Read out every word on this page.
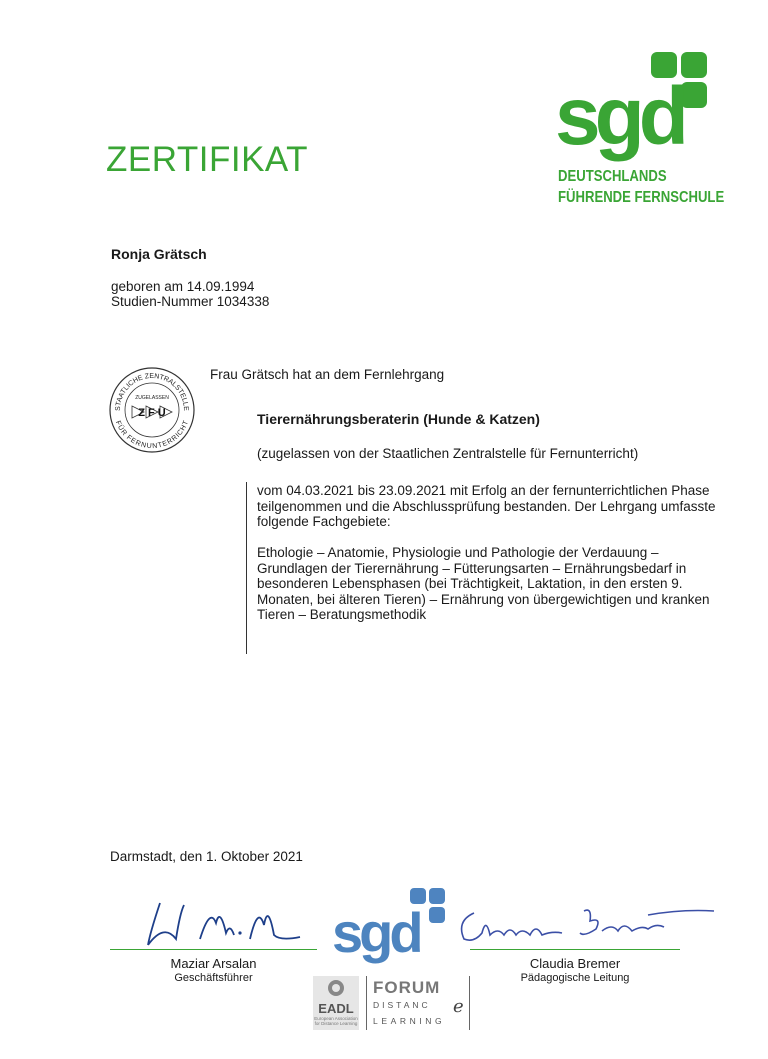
ZERTIFIKAT	sgd
DEUTSCHLANDS
FÜHRENDE FERNSCHULE
Ronja Grätsch
geboren am 14.09.1994
Studien-Nummer 1034338
STAATLICHE ZENTRALSTELLE
FÜR FERNUNTERRICHT
ZUGELASSEN
Z F U
Frau Grätsch hat an dem Fernlehrgang
Tierernährungsberaterin (Hunde & Katzen)
(zugelassen von der Staatlichen Zentralstelle für Fernunterricht)
vom 04.03.2021 bis 23.09.2021 mit Erfolg an der fernunterrichtlichen Phase teilgenommen und die Abschlussprüfung bestanden. Der Lehrgang umfasste folgende Fachgebiete:
Ethologie – Anatomie, Physiologie und Pathologie der Verdauung – Grundlagen der Tierernährung – Fütterungsarten – Ernährungsbedarf in besonderen Lebensphasen (bei Trächtigkeit, Laktation, in den ersten 9. Monaten, bei älteren Tieren) – Ernährung von übergewichtigen und kranken Tieren – Beratungsmethodik
Darmstadt, den 1. Oktober 2021
sgd
Maziar Arsalan
Geschäftsführer
Claudia Bremer
Pädagogische Leitung
EADL
European Association for Distance Learning
FORUM
DISTANC
LEARNING
e
